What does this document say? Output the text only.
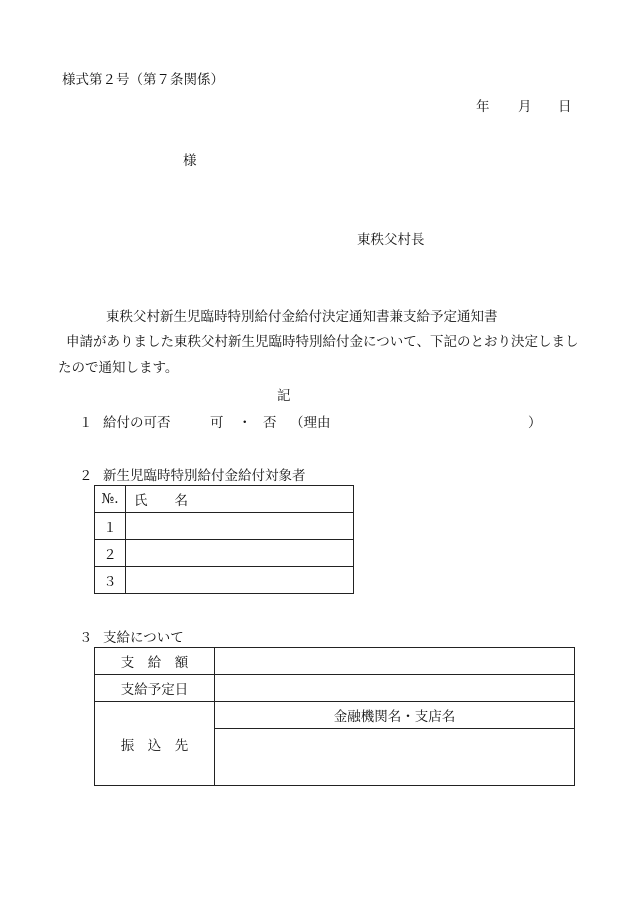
様式第２号（第７条関係）
年 月 日
様
東秩父村長
東秩父村新生児臨時特別給付金給付決定通知書兼支給予定通知書
申請がありました東秩父村新生児臨時特別給付金について、下記のとおり決定しましたので通知します。
記
１ 給付の可否	可 ・ 否 （理由	）
２ 新生児臨時特別給付金給付対象者
№.	氏　　名
１	
２	
３	
３ 支給について
支　給　額	
支給予定日	
振　込　先	金融機関名・支店名
